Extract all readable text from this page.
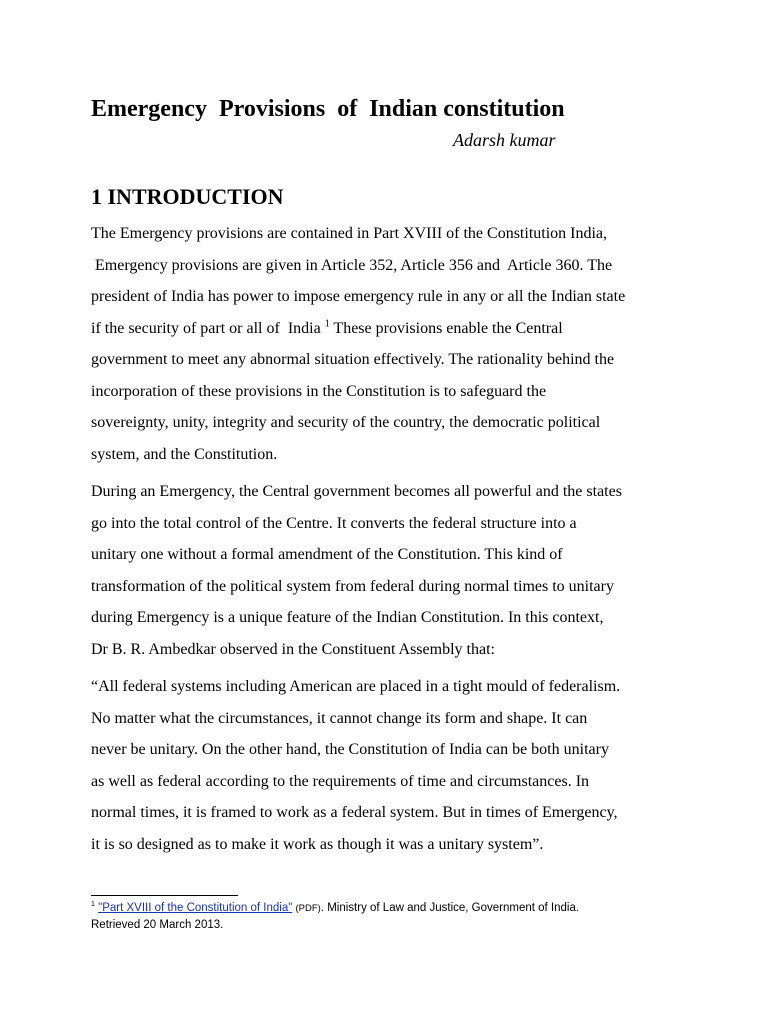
Emergency  Provisions  of  Indian constitution

Adarsh kumar

1 INTRODUCTION
The Emergency provisions are contained in Part XVIII of the Constitution India,
Emergency provisions are given in Article 352, Article 356 and  Article 360. The
president of India has power to impose emergency rule in any or all the Indian state
if the security of part or all of  India $^1$ These provisions enable the Central
government to meet any abnormal situation effectively. The rationality behind the
incorporation of these provisions in the Constitution is to safeguard the
sovereignty, unity, integrity and security of the country, the democratic political
system, and the Constitution.
During an Emergency, the Central government becomes all powerful and the states
go into the total control of the Centre. It converts the federal structure into a
unitary one without a formal amendment of the Constitution. This kind of
transformation of the political system from federal during normal times to unitary
during Emergency is a unique feature of the Indian Constitution. In this context,
Dr B. R. Ambedkar observed in the Constituent Assembly that:
“All federal systems including American are placed in a tight mould of federalism.
No matter what the circumstances, it cannot change its form and shape. It can
never be unitary. On the other hand, the Constitution of India can be both unitary
as well as federal according to the requirements of time and circumstances. In
normal times, it is framed to work as a federal system. But in times of Emergency,
it is so designed as to make it work as though it was a unitary system”.
$^1$ "Part XVIII of the Constitution of India" (PDF). Ministry of Law and Justice, Government of India.
Retrieved 20 March 2013.
